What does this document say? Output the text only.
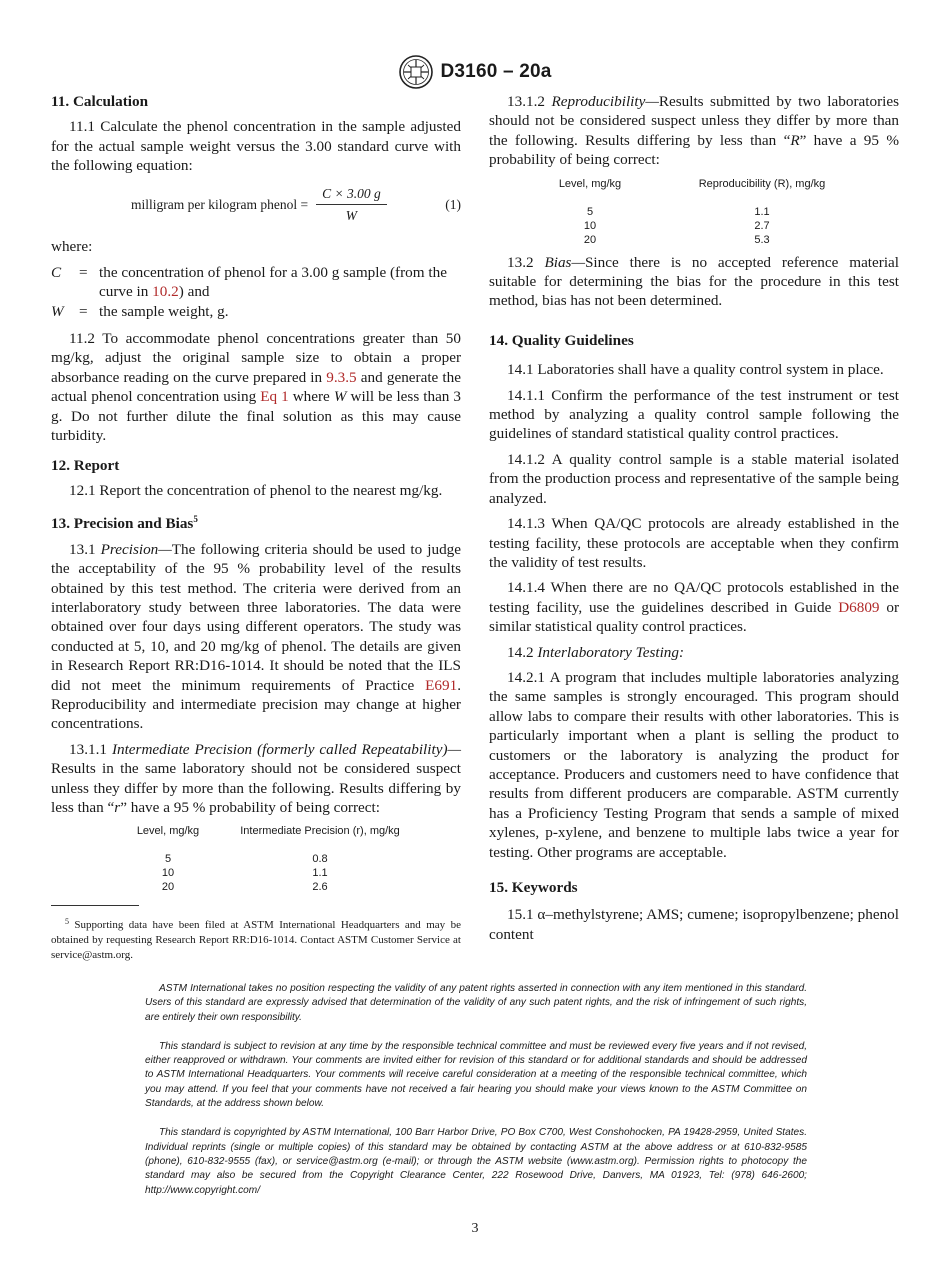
D3160 – 20a
11. Calculation

11.1 Calculate the phenol concentration in the sample adjusted for the actual sample weight versus the 3.00 standard curve with the following equation:

milligram per kilogram phenol = $\frac{C \times 3.00 g}{W}$	(1)

where:

C	= the concentration of phenol for a 3.00 g sample (from the curve in 10.2) and
W	= the sample weight, g.

11.2 To accommodate phenol concentrations greater than 50 mg/kg, adjust the original sample size to obtain a proper absorbance reading on the curve prepared in 9.3.5 and generate the actual phenol concentration using Eq 1 where W will be less than 3 g. Do not further dilute the final solution as this may cause turbidity.

12. Report

12.1 Report the concentration of phenol to the nearest mg/kg.

13. Precision and Bias$^5$

13.1 Precision—The following criteria should be used to judge the acceptability of the 95 % probability level of the results obtained by this test method. The criteria were derived from an interlaboratory study between three laboratories. The data were obtained over four days using different operators. The study was conducted at 5, 10, and 20 mg/kg of phenol. The details are given in Research Report RR:D16-1014. It should be noted that the ILS did not meet the minimum requirements of Practice E691. Reproducibility and intermediate precision may change at higher concentrations.

13.1.1 Intermediate Precision (formerly called Repeatability)—Results in the same laboratory should not be considered suspect unless they differ by more than the following. Results differing by less than “r” have a 95 % probability of being correct:

Level, mg/kg	Intermediate Precision (r), mg/kg
5	0.8
10	1.1
20	2.6
$^5$ Supporting data have been filed at ASTM International Headquarters and may be obtained by requesting Research Report RR:D16-1014. Contact ASTM Customer Service at service@astm.org.

13.1.2 Reproducibility—Results submitted by two laboratories should not be considered suspect unless they differ by more than the following. Results differing by less than “R” have a 95 % probability of being correct:

Level, mg/kg	Reproducibility (R), mg/kg
5	1.1
10	2.7
20	5.3

13.2 Bias—Since there is no accepted reference material suitable for determining the bias for the procedure in this test method, bias has not been determined.

14. Quality Guidelines

14.1 Laboratories shall have a quality control system in place.

14.1.1 Confirm the performance of the test instrument or test method by analyzing a quality control sample following the guidelines of standard statistical quality control practices.

14.1.2 A quality control sample is a stable material isolated from the production process and representative of the sample being analyzed.

14.1.3 When QA/QC protocols are already established in the testing facility, these protocols are acceptable when they confirm the validity of test results.

14.1.4 When there are no QA/QC protocols established in the testing facility, use the guidelines described in Guide D6809 or similar statistical quality control practices.

14.2 Interlaboratory Testing:

14.2.1 A program that includes multiple laboratories analyzing the same samples is strongly encouraged. This program should allow labs to compare their results with other laboratories. This is particularly important when a plant is selling the product to customers or the laboratory is analyzing the product for acceptance. Producers and customers need to have confidence that results from different producers are comparable. ASTM currently has a Proficiency Testing Program that sends a sample of mixed xylenes, p-xylene, and benzene to multiple labs twice a year for testing. Other programs are acceptable.

15. Keywords

15.1 α–methylstyrene; AMS; cumene; isopropylbenzene; phenol content

ASTM International takes no position respecting the validity of any patent rights asserted in connection with any item mentioned in this standard. Users of this standard are expressly advised that determination of the validity of any such patent rights, and the risk of infringement of such rights, are entirely their own responsibility.

This standard is subject to revision at any time by the responsible technical committee and must be reviewed every five years and if not revised, either reapproved or withdrawn. Your comments are invited either for revision of this standard or for additional standards and should be addressed to ASTM International Headquarters. Your comments will receive careful consideration at a meeting of the responsible technical committee, which you may attend. If you feel that your comments have not received a fair hearing you should make your views known to the ASTM Committee on Standards, at the address shown below.

This standard is copyrighted by ASTM International, 100 Barr Harbor Drive, PO Box C700, West Conshohocken, PA 19428-2959, United States. Individual reprints (single or multiple copies) of this standard may be obtained by contacting ASTM at the above address or at 610-832-9585 (phone), 610-832-9555 (fax), or service@astm.org (e-mail); or through the ASTM website (www.astm.org). Permission rights to photocopy the standard may also be secured from the Copyright Clearance Center, 222 Rosewood Drive, Danvers, MA 01923, Tel: (978) 646-2600; http://www.copyright.com/

3
